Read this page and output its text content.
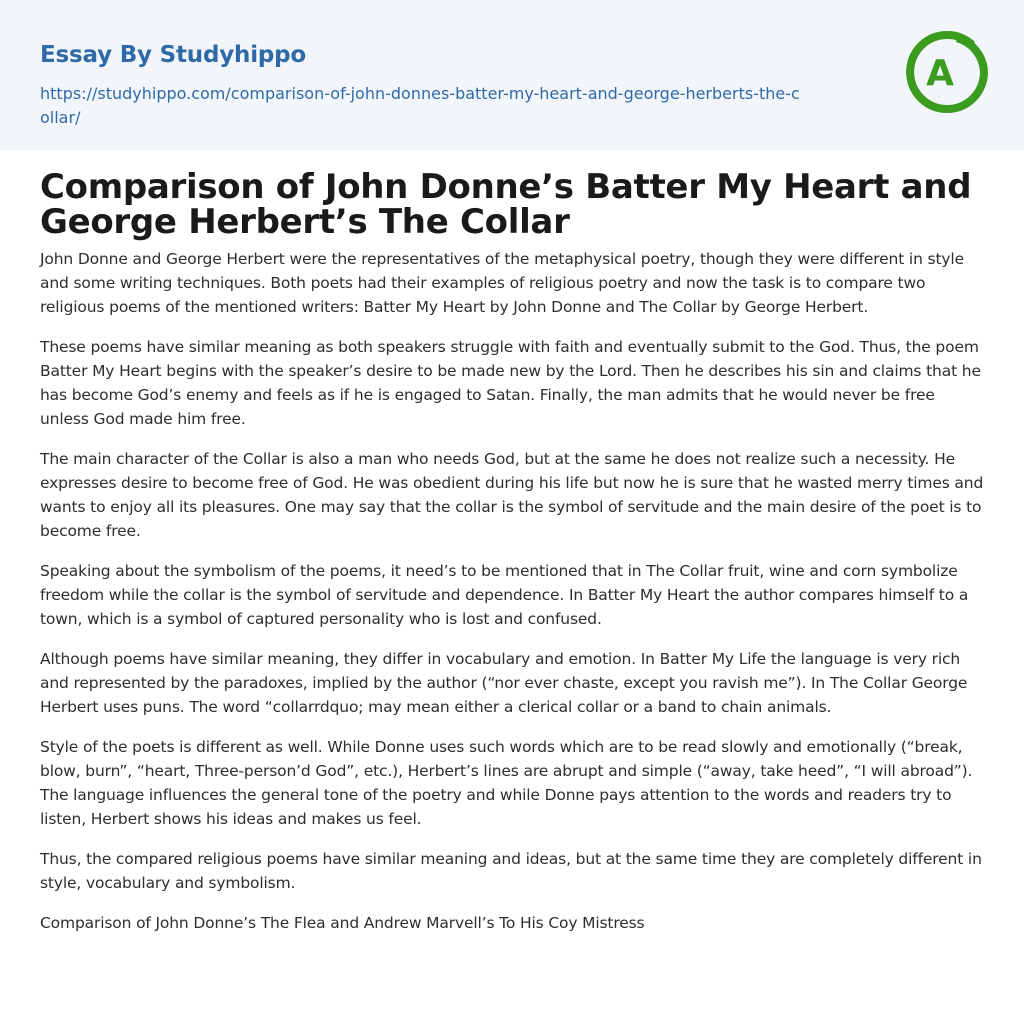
Essay By Studyhippo
https://studyhippo.com/comparison-of-john-donnes-batter-my-heart-and-george-herberts-the-collar/
A
Comparison of John Donne’s Batter My Heart and George Herbert’s The Collar

John Donne and George Herbert were the representatives of the metaphysical poetry, though they were different in style and some writing techniques. Both poets had their examples of religious poetry and now the task is to compare two religious poems of the mentioned writers: Batter My Heart by John Donne and The Collar by George Herbert.

These poems have similar meaning as both speakers struggle with faith and eventually submit to the God. Thus, the poem Batter My Heart begins with the speaker’s desire to be made new by the Lord. Then he describes his sin and claims that he has become God’s enemy and feels as if he is engaged to Satan. Finally, the man admits that he would never be free unless God made him free.

The main character of the Collar is also a man who needs God, but at the same he does not realize such a necessity. He expresses desire to become free of God. He was obedient during his life but now he is sure that he wasted merry times and wants to enjoy all its pleasures. One may say that the collar is the symbol of servitude and the main desire of the poet is to become free.

Speaking about the symbolism of the poems, it need’s to be mentioned that in The Collar fruit, wine and corn symbolize freedom while the collar is the symbol of servitude and dependence. In Batter My Heart the author compares himself to a town, which is a symbol of captured personality who is lost and confused.

Although poems have similar meaning, they differ in vocabulary and emotion. In Batter My Life the language is very rich and represented by the paradoxes, implied by the author (“nor ever chaste, except you ravish me”). In The Collar George Herbert uses puns. The word “collarrdquo; may mean either a clerical collar or a band to chain animals.

Style of the poets is different as well. While Donne uses such words which are to be read slowly and emotionally (“break, blow, burn”, “heart, Three-person’d God”, etc.), Herbert’s lines are abrupt and simple (“away, take heed”, “I will abroad”). The language influences the general tone of the poetry and while Donne pays attention to the words and readers try to listen, Herbert shows his ideas and makes us feel.

Thus, the compared religious poems have similar meaning and ideas, but at the same time they are completely different in style, vocabulary and symbolism.

Comparison of John Donne’s The Flea and Andrew Marvell’s To His Coy Mistress
